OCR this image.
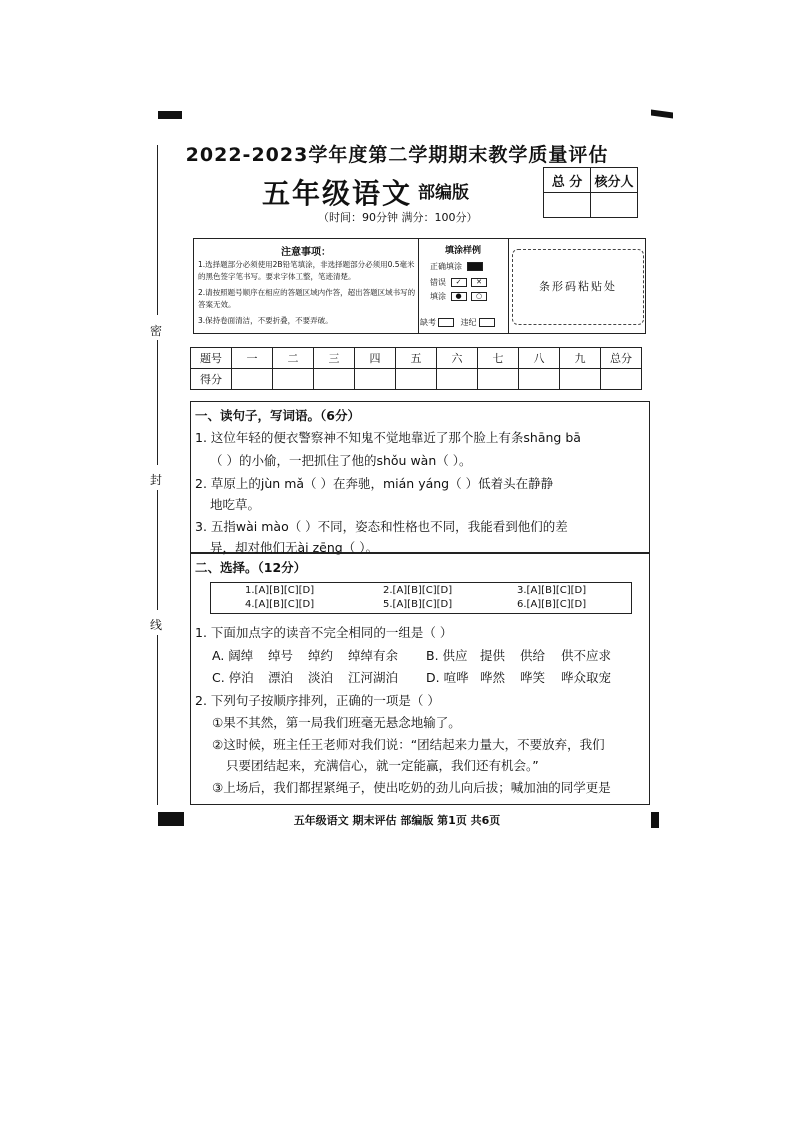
密
封
线
2022-2023学年度第二学期期末教学质量评估
五年级语文 部编版
（时间：90分钟 满分：100分）
总 分	核分人

注意事项：
1.选择题部分必须使用2B铅笔填涂，非选择题部分必须用0.5毫米的黑色签字笔书写。要求字体工整，笔迹清楚。
2.请按照题号顺序在相应的答题区域内作答，超出答题区域书写的答案无效。
3.保持卷面清洁，不要折叠，不要弄破。
填涂样例
正确填涂
错误 ✓ ✕
填涂 ● ○
缺考	违纪
条形码粘贴处
题号	一	二	三	四	五	六	七	八	九	总分
得分										
一、读句子，写词语。（6分）
1. 这位年轻的便衣警察神不知鬼不觉地靠近了那个脸上有条shāng bā
（ ）的小偷，一把抓住了他的shǒu wàn（ ）。
2. 草原上的jùn mǎ（ ）在奔驰，mián yáng（ ）低着头在静静
地吃草。
3. 五指wài mào（ ）不同，姿态和性格也不同，我能看到他们的差
异，却对他们无ài zēng（ ）。
二、选择。（12分）
1.[A][B][C][D]	2.[A][B][C][D]	3.[A][B][C][D]
4.[A][B][C][D]	5.[A][B][C][D]	6.[A][B][C][D]
1. 下面加点字的读音不完全相同的一组是（ ）
A. 阔绰 绰号 绰约 绰绰有余 B. 供应 提供 供给 供不应求
C. 停泊 漂泊 淡泊 江河湖泊 D. 喧哗 哗然 哗笑 哗众取宠
2. 下列句子按顺序排列，正确的一项是（ ）
①果不其然，第一局我们班毫无悬念地输了。
②这时候，班主任王老师对我们说：“团结起来力量大，不要放弃，我们
只要团结起来，充满信心，就一定能赢，我们还有机会。”
③上场后，我们都捏紧绳子，使出吃奶的劲儿向后拔；喊加油的同学更是
五年级语文 期末评估 部编版 第1页 共6页
